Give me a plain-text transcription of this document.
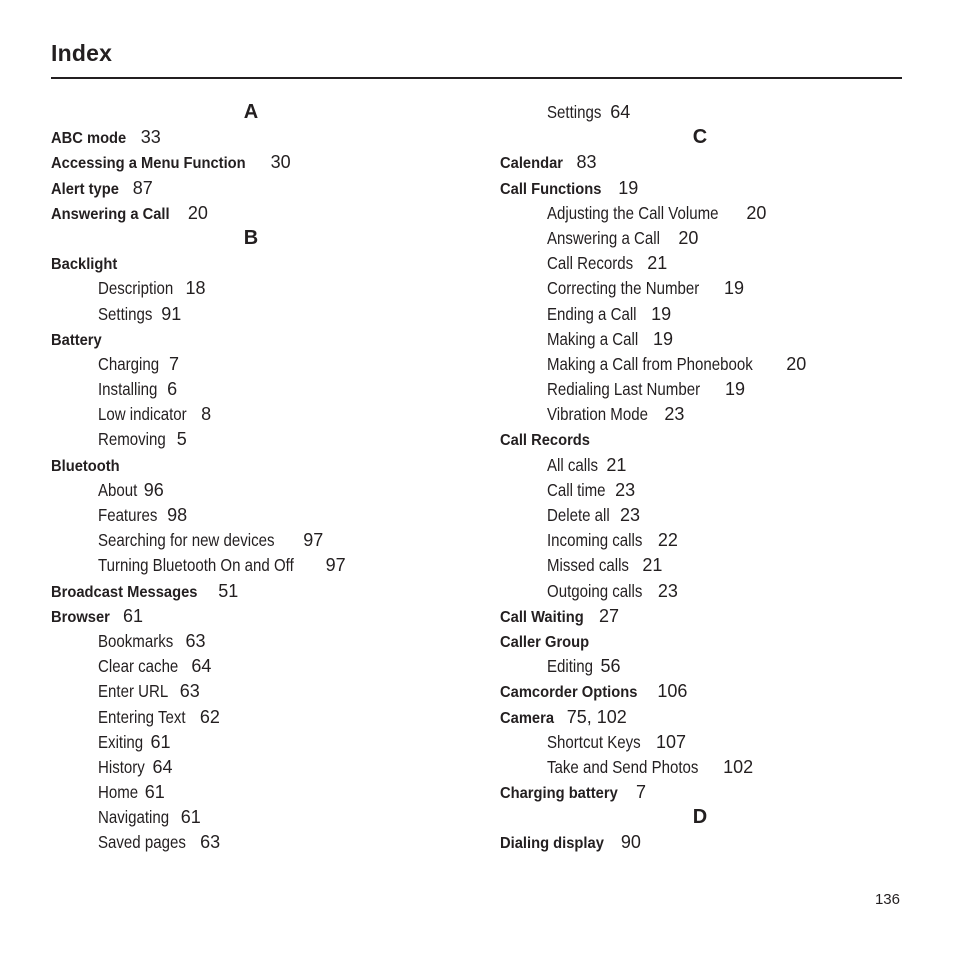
Index
A
ABC mode 33
Accessing a Menu Function 30
Alert type 87
Answering a Call 20
B
Backlight
Description 18
Settings 91
Battery
Charging 7
Installing 6
Low indicator 8
Removing 5
Bluetooth
About 96
Features 98
Searching for new devices 97
Turning Bluetooth On and Off 97
Broadcast Messages 51
Browser 61
Bookmarks 63
Clear cache 64
Enter URL 63
Entering Text 62
Exiting 61
History 64
Home 61
Navigating 61
Saved pages 63
Settings 64
C
Calendar 83
Call Functions 19
Adjusting the Call Volume 20
Answering a Call 20
Call Records 21
Correcting the Number 19
Ending a Call 19
Making a Call 19
Making a Call from Phonebook 20
Redialing Last Number 19
Vibration Mode 23
Call Records
All calls 21
Call time 23
Delete all 23
Incoming calls 22
Missed calls 21
Outgoing calls 23
Call Waiting 27
Caller Group
Editing 56
Camcorder Options 106
Camera 75, 102
Shortcut Keys 107
Take and Send Photos 102
Charging battery 7
D
Dialing display 90
136
